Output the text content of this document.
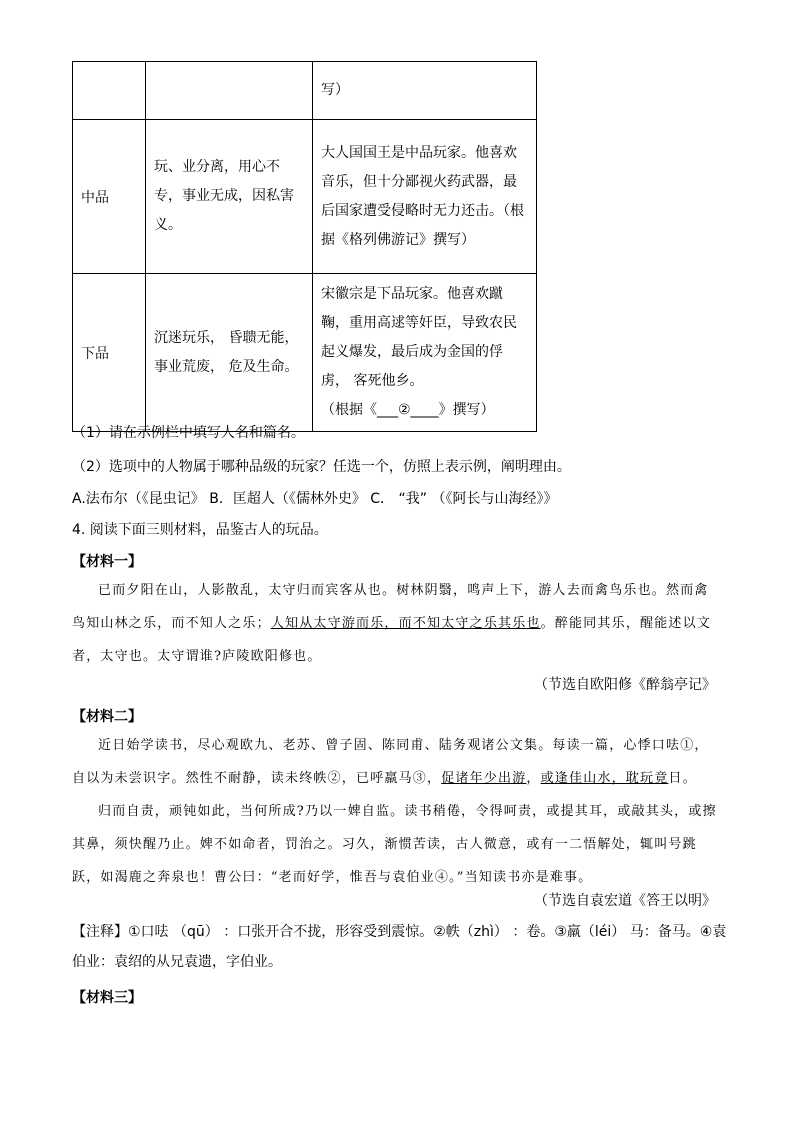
		写）
中品	玩、业分离，用心不专，事业无成，因私害义。	大人国国王是中品玩家。他喜欢音乐，但十分鄙视火药武器，最后国家遭受侵略时无力还击。（根据《格列佛游记》撰写）
下品	沉迷玩乐， 昏聩无能，事业荒废， 危及生命。	宋徽宗是下品玩家。他喜欢蹴鞠，重用高逑等奸臣，导致农民起义爆发，最后成为金国的俘虏， 客死他乡。
（根据《___②____》撰写）
（1）请在示例栏中填写人名和篇名。
（2）选项中的人物属于哪种品级的玩家？任选一个，仿照上表示例，阐明理由。
A.法布尔（《昆虫记》 B．匡超人（《儒林外史》 C． “我” （《阿长与山海经》》
4. 阅读下面三则材料，品鉴古人的玩品。
【材料一】
已而夕阳在山，人影散乱，太守归而宾客从也。树林阴翳，鸣声上下，游人去而禽鸟乐也。然而禽鸟知山林之乐，而不知人之乐；人知从太守游而乐，而不知太守之乐其乐也。醉能同其乐，醒能述以文者，太守也。太守谓谁?庐陵欧阳修也。
（节选自欧阳修《醉翁亭记》
【材料二】
近日始学读书，尽心观欧九、老苏、曾子固、陈同甫、陆务观诸公文集。每读一篇，心悸口呿①，自以为未尝识字。然性不耐静，读未终帙②，已呼羸马③，促诸年少出游，或逢佳山水，耽玩竟日。
归而自责，顽钝如此，当何所成?乃以一婢自监。读书稍倦，令得呵责，或提其耳，或敲其头，或擦其鼻，须快醒乃止。婢不如命者，罚治之。习久，渐惯苦读，古人微意，或有一二悟解处，辄叫号跳跃，如渴鹿之奔泉也！曹公曰：“老而好学，惟吾与袁伯业④。”当知读书亦是难事。
（节选自袁宏道《答王以明》
【注释】①口呿 （qū） ：口张开合不拢，形容受到震惊。②帙（zhì） ：卷。③羸（léi） 马：备马。④袁伯业：袁绍的从兄袁遗，字伯业。
【材料三】
